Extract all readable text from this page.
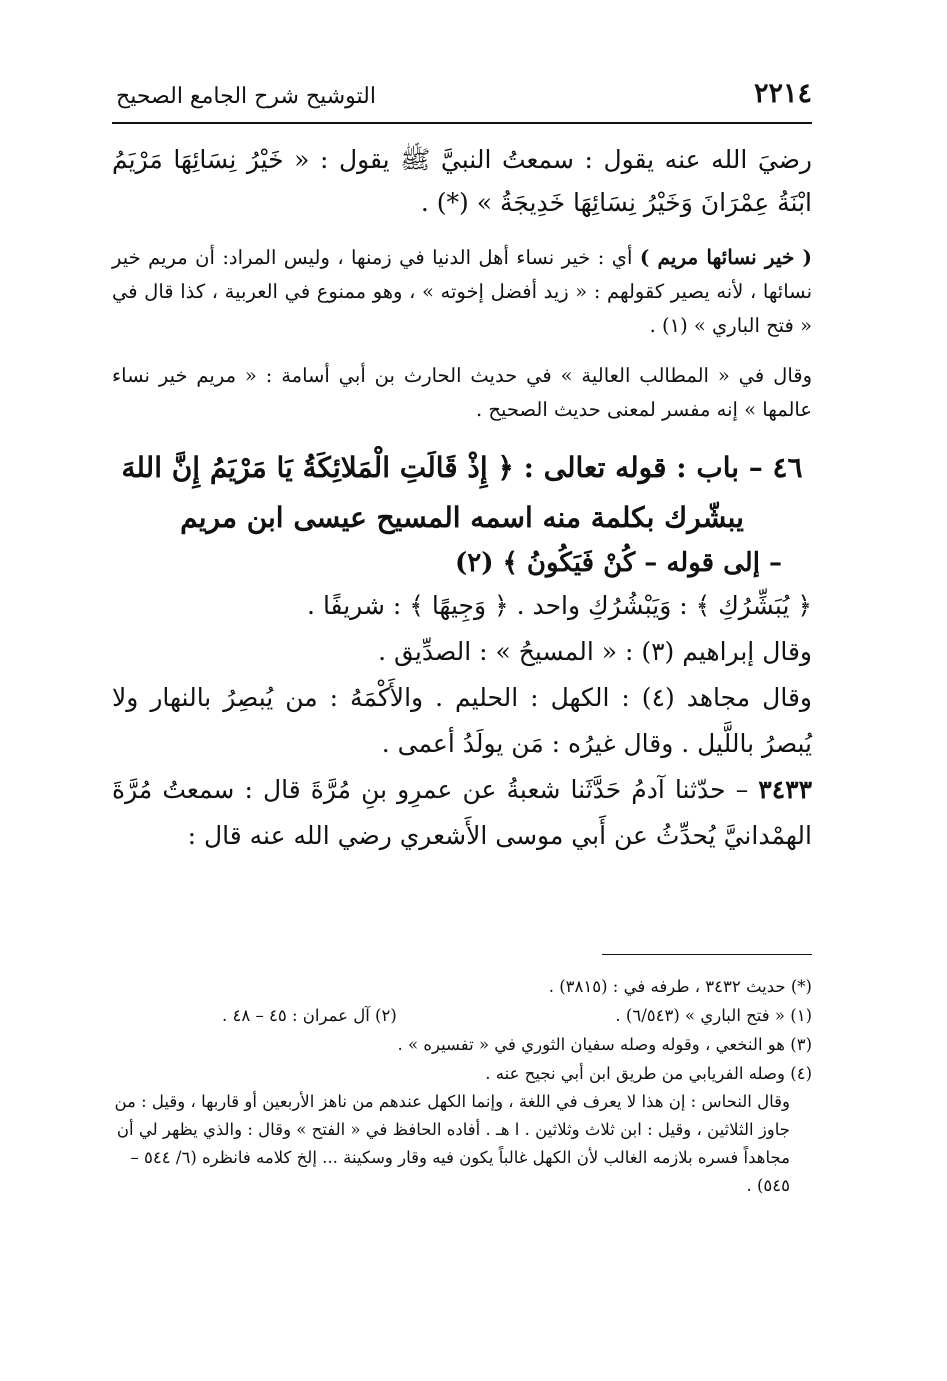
٢٢١٤
التوشيح شرح الجامع الصحيح

رضيَ الله عنه يقول : سمعتُ النبيَّ ﷺ يقول : « خَيْرُ نِسَائِهَا مَرْيَمُ ابْنَةُ عِمْرَانَ وَخَيْرُ نِسَائِهَا خَدِيجَةُ » (*) .

( خير نسائها مريم ) أي : خير نساء أهل الدنيا في زمنها ، وليس المراد: أن مريم خير نسائها ، لأنه يصير كقولهم : « زيد أفضل إخوته » ، وهو ممنوع في العربية ، كذا قال في « فتح الباري » (١) .

وقال في « المطالب العالية » في حديث الحارث بن أبي أسامة : « مريم خير نساء عالمها » إنه مفسر لمعنى حديث الصحيح .

٤٦ – باب : قوله تعالى : ﴿ إِذْ قَالَتِ الْمَلائِكَةُ يَا مَرْيَمُ إِنَّ اللهَ
يبشّرك بكلمة منه اسمه المسيح عيسى ابن مريم
– إلى قوله – كُنْ فَيَكُونُ ﴾ (٢)

﴿ يُبَشِّرُكِ ﴾ : وَيَبْشُرُكِ واحد . ﴿ وَجِيهًا ﴾ : شريفًا .

وقال إبراهيم (٣) : « المسيحُ » : الصدِّيق .

وقال مجاهد (٤) : الكهل : الحليم . والأَكْمَهُ : من يُبصِرُ بالنهار ولا يُبصرُ باللَّيل . وقال غيرُه : مَن يولَدُ أعمى .

٣٤٣٣ – حدّثنا آدمُ حَدَّثَنا شعبةُ عن عمرِو بنِ مُرَّةَ قال : سمعتُ مُرَّةَ الهمْدانيَّ يُحدِّثُ عن أَبي موسى الأَشعري رضي الله عنه قال :

(*) حديث ٣٤٣٢ ، طرفه في : (٣٨١٥) .
(١) « فتح الباري » (٦/٥٤٣) .
(٢) آل عمران : ٤٥ – ٤٨ .
(٣) هو النخعي ، وقوله وصله سفيان الثوري في « تفسيره » .
(٤) وصله الفريابي من طريق ابن أبي نجيح عنه .
وقال النحاس : إن هذا لا يعرف في اللغة ، وإنما الكهل عندهم من ناهز الأربعين أو قاربها ، وقيل : من جاوز الثلاثين ، وقيل : ابن ثلاث وثلاثين . ا هـ . أفاده الحافظ في « الفتح » وقال : والذي يظهر لي أن مجاهداً فسره بلازمه الغالب لأن الكهل غالباً يكون فيه وقار وسكينة ... إلخ كلامه فانظره (٦/ ٥٤٤ – ٥٤٥) .
